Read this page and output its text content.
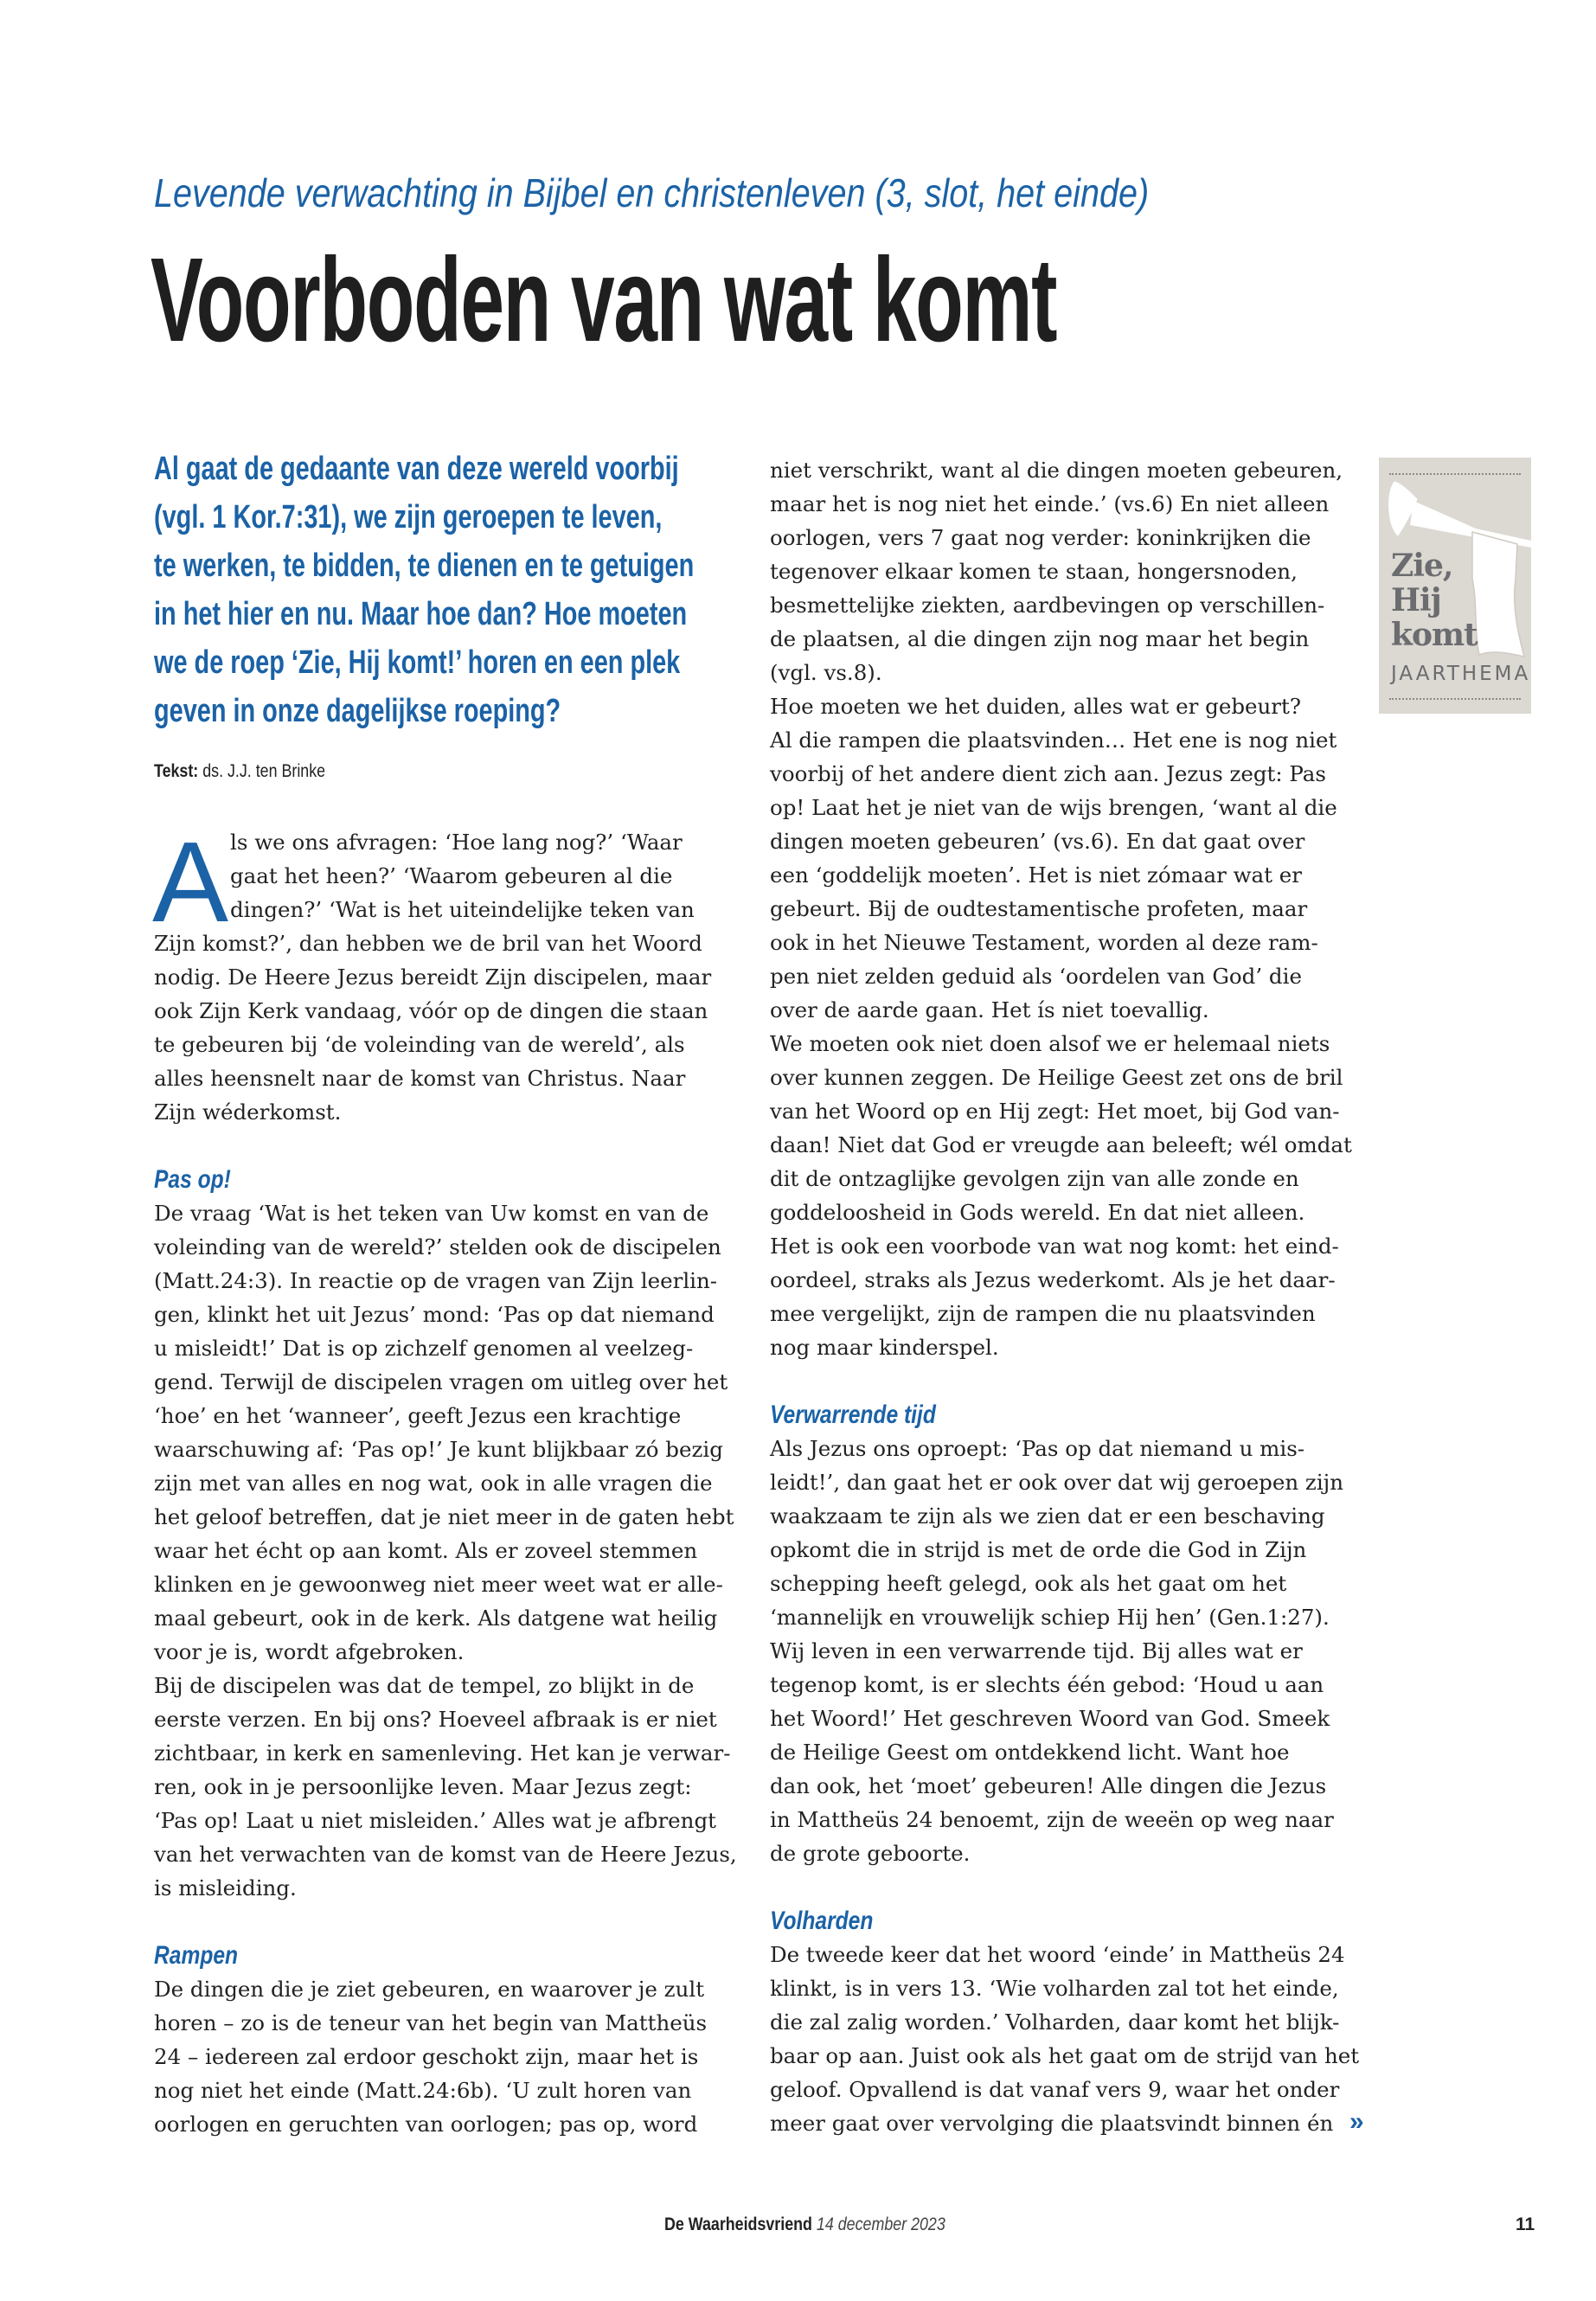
Levende verwachting in Bijbel en christenleven (3, slot, het einde)
Voorboden van wat komt
Al gaat de gedaante van deze wereld voorbij
(vgl. 1 Kor.7:31), we zijn geroepen te leven,
te werken, te bidden, te dienen en te getuigen
in het hier en nu. Maar hoe dan? Hoe moeten
we de roep ‘Zie, Hij komt!’ horen en een plek
geven in onze dagelijkse roeping?
Tekst: ds. J.J. ten Brinke
A ls we ons afvragen: ‘Hoe lang nog?’ ‘Waar
gaat het heen?’ ‘Waarom gebeuren al die
dingen?’ ‘Wat is het uiteindelijke teken van
Zijn komst?’, dan hebben we de bril van het Woord
nodig. De Heere Jezus bereidt Zijn discipelen, maar
ook Zijn Kerk vandaag, vóór op de dingen die staan
te gebeuren bij ‘de voleinding van de wereld’, als
alles heensnelt naar de komst van Christus. Naar
Zijn wéderkomst.
Pas op!
De vraag ‘Wat is het teken van Uw komst en van de
voleinding van de wereld?’ stelden ook de discipelen
(Matt.24:3). In reactie op de vragen van Zijn leerlin-
gen, klinkt het uit Jezus’ mond: ‘Pas op dat niemand
u misleidt!’ Dat is op zichzelf genomen al veelzeg-
gend. Terwijl de discipelen vragen om uitleg over het
‘hoe’ en het ‘wanneer’, geeft Jezus een krachtige
waarschuwing af: ‘Pas op!’ Je kunt blijkbaar zó bezig
zijn met van alles en nog wat, ook in alle vragen die
het geloof betreffen, dat je niet meer in de gaten hebt
waar het écht op aan komt. Als er zoveel stemmen
klinken en je gewoonweg niet meer weet wat er alle-
maal gebeurt, ook in de kerk. Als datgene wat heilig
voor je is, wordt afgebroken.
Bij de discipelen was dat de tempel, zo blijkt in de
eerste verzen. En bij ons? Hoeveel afbraak is er niet
zichtbaar, in kerk en samenleving. Het kan je verwar-
ren, ook in je persoonlijke leven. Maar Jezus zegt:
‘Pas op! Laat u niet misleiden.’ Alles wat je afbrengt
van het verwachten van de komst van de Heere Jezus,
is misleiding.
Rampen
De dingen die je ziet gebeuren, en waarover je zult
horen – zo is de teneur van het begin van Mattheüs
24 – iedereen zal erdoor geschokt zijn, maar het is
nog niet het einde (Matt.24:6b). ‘U zult horen van
oorlogen en geruchten van oorlogen; pas op, word
niet verschrikt, want al die dingen moeten gebeuren,
maar het is nog niet het einde.’ (vs.6) En niet alleen
oorlogen, vers 7 gaat nog verder: koninkrijken die
tegenover elkaar komen te staan, hongersnoden,
besmettelijke ziekten, aardbevingen op verschillen-
de plaatsen, al die dingen zijn nog maar het begin
(vgl. vs.8).
Hoe moeten we het duiden, alles wat er gebeurt?
Al die rampen die plaatsvinden… Het ene is nog niet
voorbij of het andere dient zich aan. Jezus zegt: Pas
op! Laat het je niet van de wijs brengen, ‘want al die
dingen moeten gebeuren’ (vs.6). En dat gaat over
een ‘goddelijk moeten’. Het is niet zómaar wat er
gebeurt. Bij de oudtestamentische profeten, maar
ook in het Nieuwe Testament, worden al deze ram-
pen niet zelden geduid als ‘oordelen van God’ die
over de aarde gaan. Het ís niet toevallig.
We moeten ook niet doen alsof we er helemaal niets
over kunnen zeggen. De Heilige Geest zet ons de bril
van het Woord op en Hij zegt: Het moet, bij God van-
daan! Niet dat God er vreugde aan beleeft; wél omdat
dit de ontzaglijke gevolgen zijn van alle zonde en
goddeloosheid in Gods wereld. En dat niet alleen.
Het is ook een voorbode van wat nog komt: het eind-
oordeel, straks als Jezus wederkomt. Als je het daar-
mee vergelijkt, zijn de rampen die nu plaatsvinden
nog maar kinderspel.
Verwarrende tijd
Als Jezus ons oproept: ‘Pas op dat niemand u mis-
leidt!’, dan gaat het er ook over dat wij geroepen zijn
waakzaam te zijn als we zien dat er een beschaving
opkomt die in strijd is met de orde die God in Zijn
schepping heeft gelegd, ook als het gaat om het
‘mannelijk en vrouwelijk schiep Hij hen’ (Gen.1:27).
Wij leven in een verwarrende tijd. Bij alles wat er
tegenop komt, is er slechts één gebod: ‘Houd u aan
het Woord!’ Het geschreven Woord van God. Smeek
de Heilige Geest om ontdekkend licht. Want hoe
dan ook, het ‘moet’ gebeuren! Alle dingen die Jezus
in Mattheüs 24 benoemt, zijn de weeën op weg naar
de grote geboorte.
Volharden
De tweede keer dat het woord ‘einde’ in Mattheüs 24
klinkt, is in vers 13. ‘Wie volharden zal tot het einde,
die zal zalig worden.’ Volharden, daar komt het blijk-
baar op aan. Juist ook als het gaat om de strijd van het
geloof. Opvallend is dat vanaf vers 9, waar het onder
meer gaat over vervolging die plaatsvindt binnen én
Zie,
Hij
komt
JAARTHEMA
»
De Waarheidsvriend 14 december 2023	11
